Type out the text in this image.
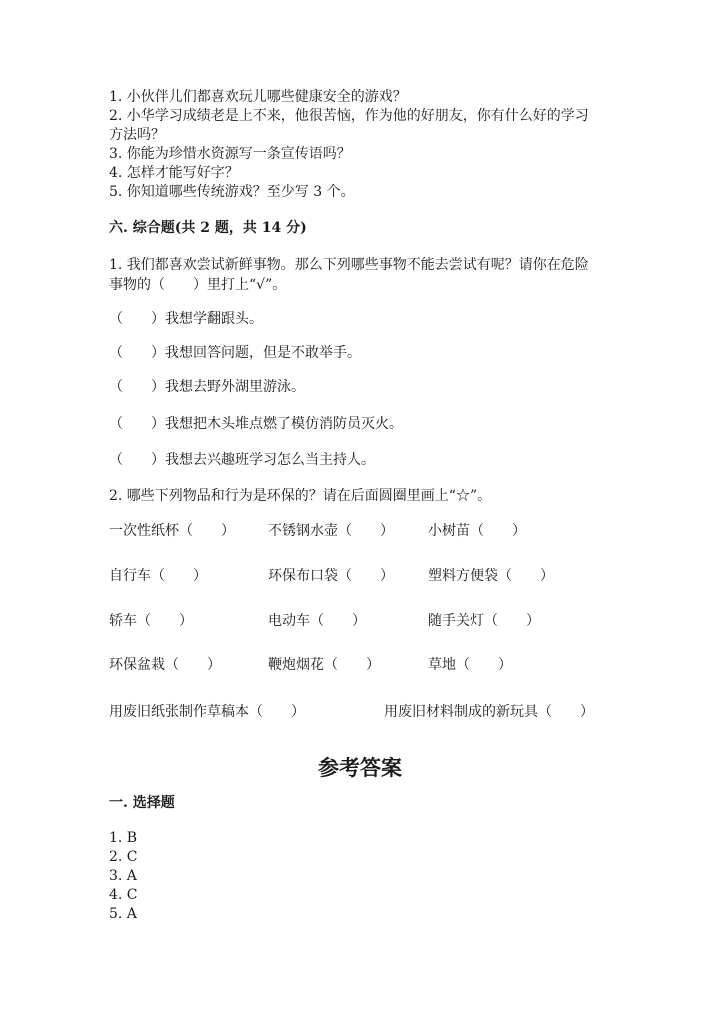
1. 小伙伴儿们都喜欢玩儿哪些健康安全的游戏？
2. 小华学习成绩老是上不来，他很苦恼，作为他的好朋友，你有什么好的学习
方法吗？
3. 你能为珍惜水资源写一条宣传语吗？
4. 怎样才能写好字？
5. 你知道哪些传统游戏？至少写 3 个。
六. 综合题(共 2 题，共 14 分)
1. 我们都喜欢尝试新鲜事物。那么下列哪些事物不能去尝试有呢？请你在危险
事物的（　　）里打上“√”。
（　　）我想学翻跟头。
（　　）我想回答问题，但是不敢举手。
（　　）我想去野外湖里游泳。
（　　）我想把木头堆点燃了模仿消防员灭火。
（　　）我想去兴趣班学习怎么当主持人。
2. 哪些下列物品和行为是环保的？请在后面圆圈里画上“☆”。
一次性纸杯（　　） 不锈钢水壶（　　） 小树苗（　　）
自行车（　　）	环保布口袋（　　） 塑料方便袋（　　）
轿车（　　）	电动车（　　）	随手关灯（　　）
环保盆栽（　　）	鞭炮烟花（　　）	草地（　　）
用废旧纸张制作草稿本（　　）	用废旧材料制成的新玩具（　　）
参考答案
一. 选择题
1. B
2. C
3. A
4. C
5. A
